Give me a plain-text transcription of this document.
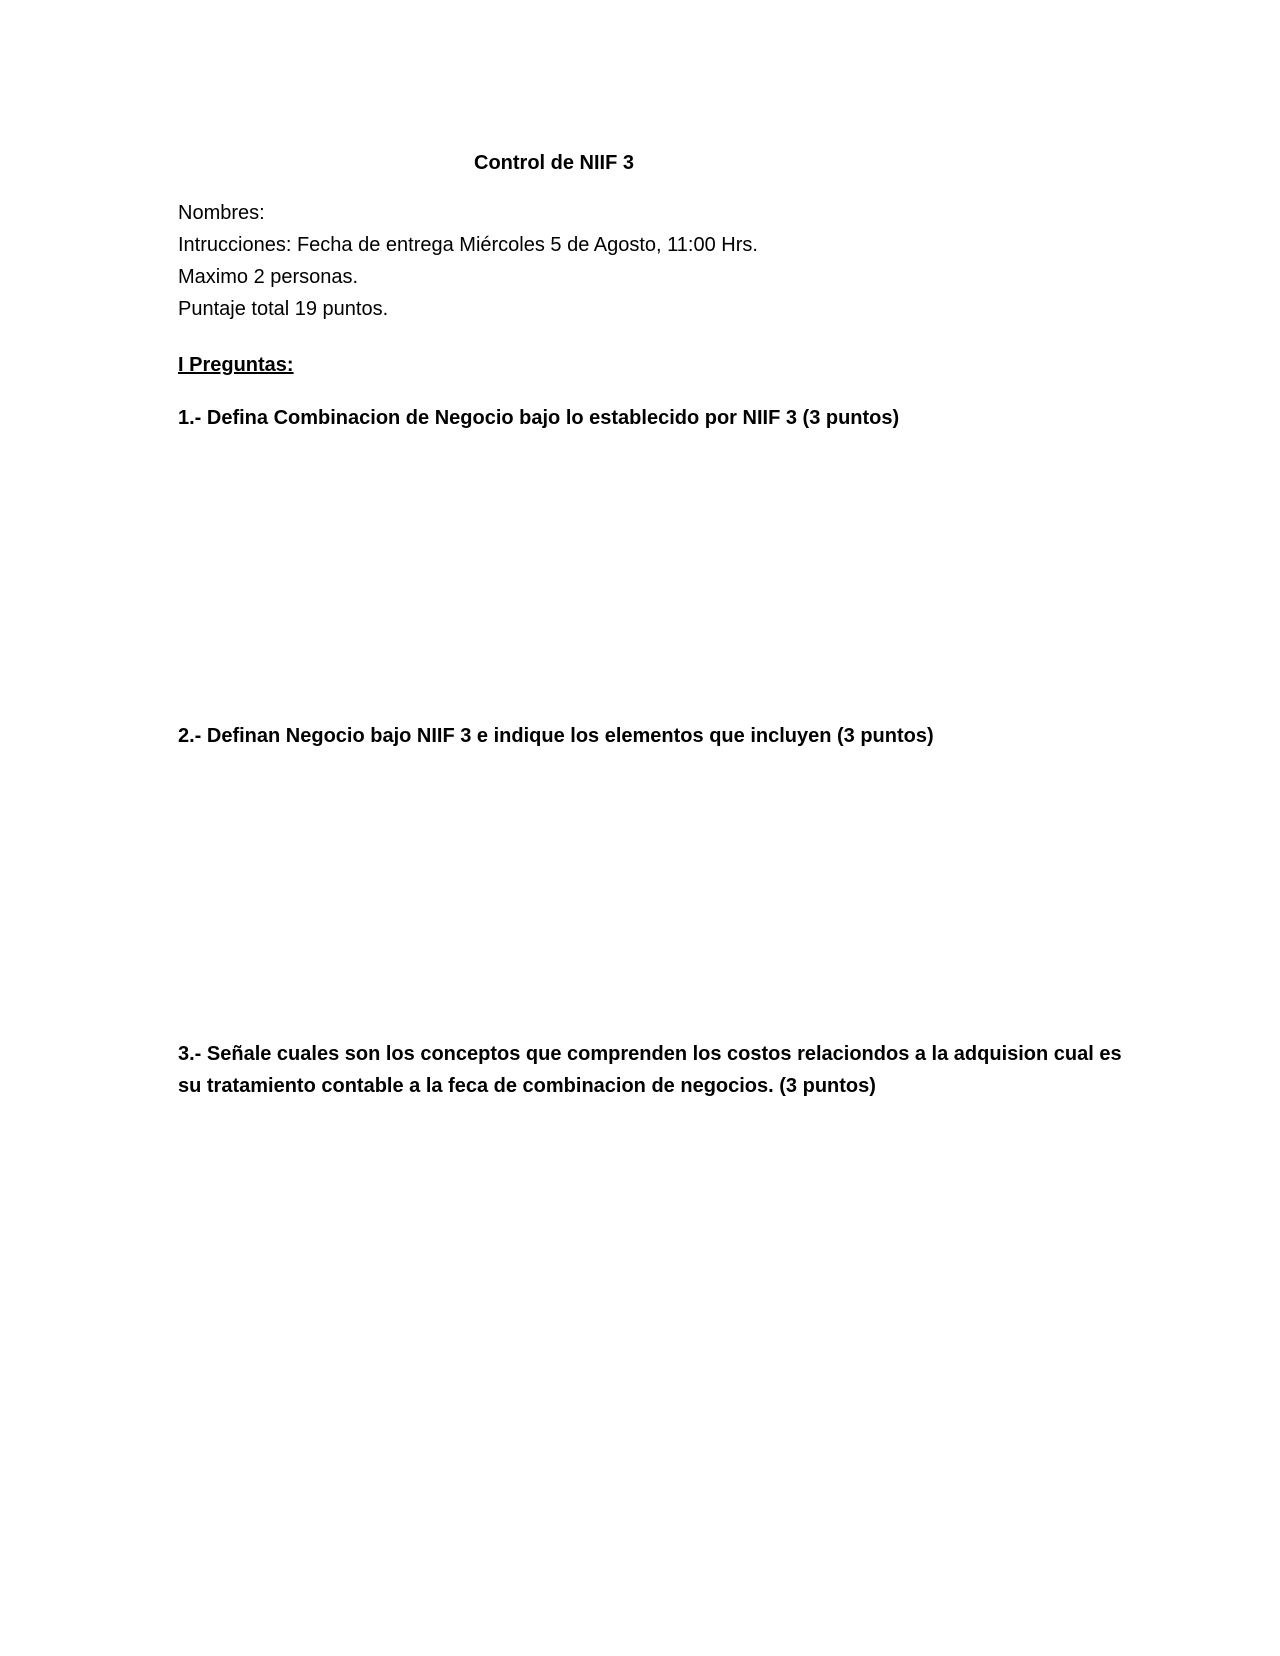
Control de NIIF 3
Nombres:
Intrucciones: Fecha de entrega Miércoles 5 de Agosto, 11:00 Hrs.
Maximo 2 personas.
Puntaje total 19 puntos.
I Preguntas:
1.- Defina Combinacion de Negocio bajo lo establecido por NIIF 3 (3 puntos)
2.- Definan Negocio bajo NIIF 3 e indique los elementos que incluyen (3 puntos)
3.- Señale cuales son los conceptos que comprenden los costos relaciondos a la adquision cual es
su tratamiento contable a la feca de combinacion de negocios. (3 puntos)
